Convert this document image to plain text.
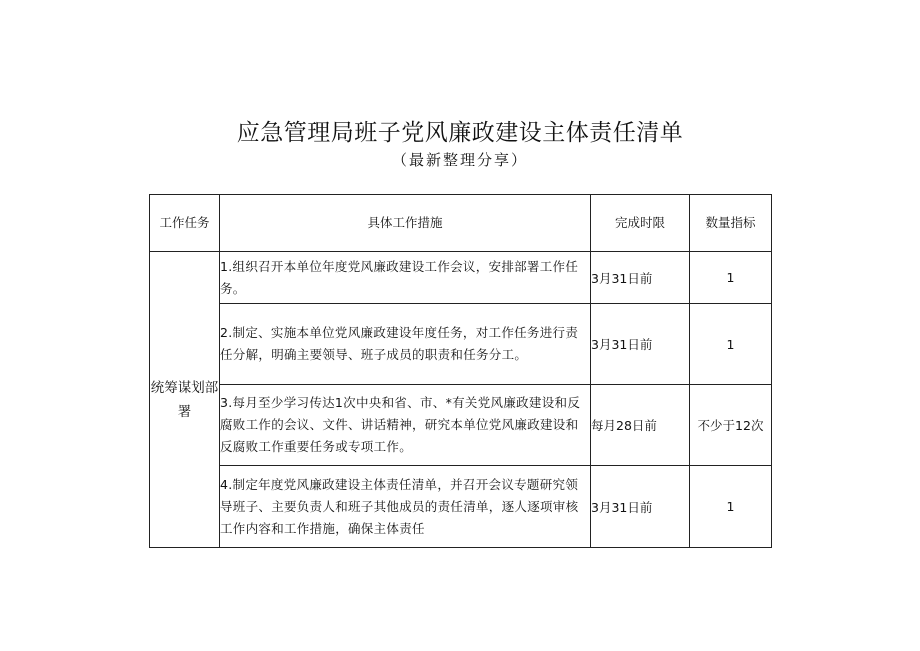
应急管理局班子党风廉政建设主体责任清单
（最新整理分享）
工作任务	具体工作措施	完成时限	数量指标
统筹谋划部署	1.组织召开本单位年度党风廉政建设工作会议，安排部署工作任务。	3月31日前	1
	2.制定、实施本单位党风廉政建设年度任务，对工作任务进行责任分解，明确主要领导、班子成员的职责和任务分工。	3月31日前	1
	3.每月至少学习传达1次中央和省、市、*有关党风廉政建设和反腐败工作的会议、文件、讲话精神，研究本单位党风廉政建设和反腐败工作重要任务或专项工作。	每月28日前	不少于12次
	4.制定年度党风廉政建设主体责任清单，并召开会议专题研究领导班子、主要负责人和班子其他成员的责任清单，逐人逐项审核工作内容和工作措施，确保主体责任	3月31日前	1
